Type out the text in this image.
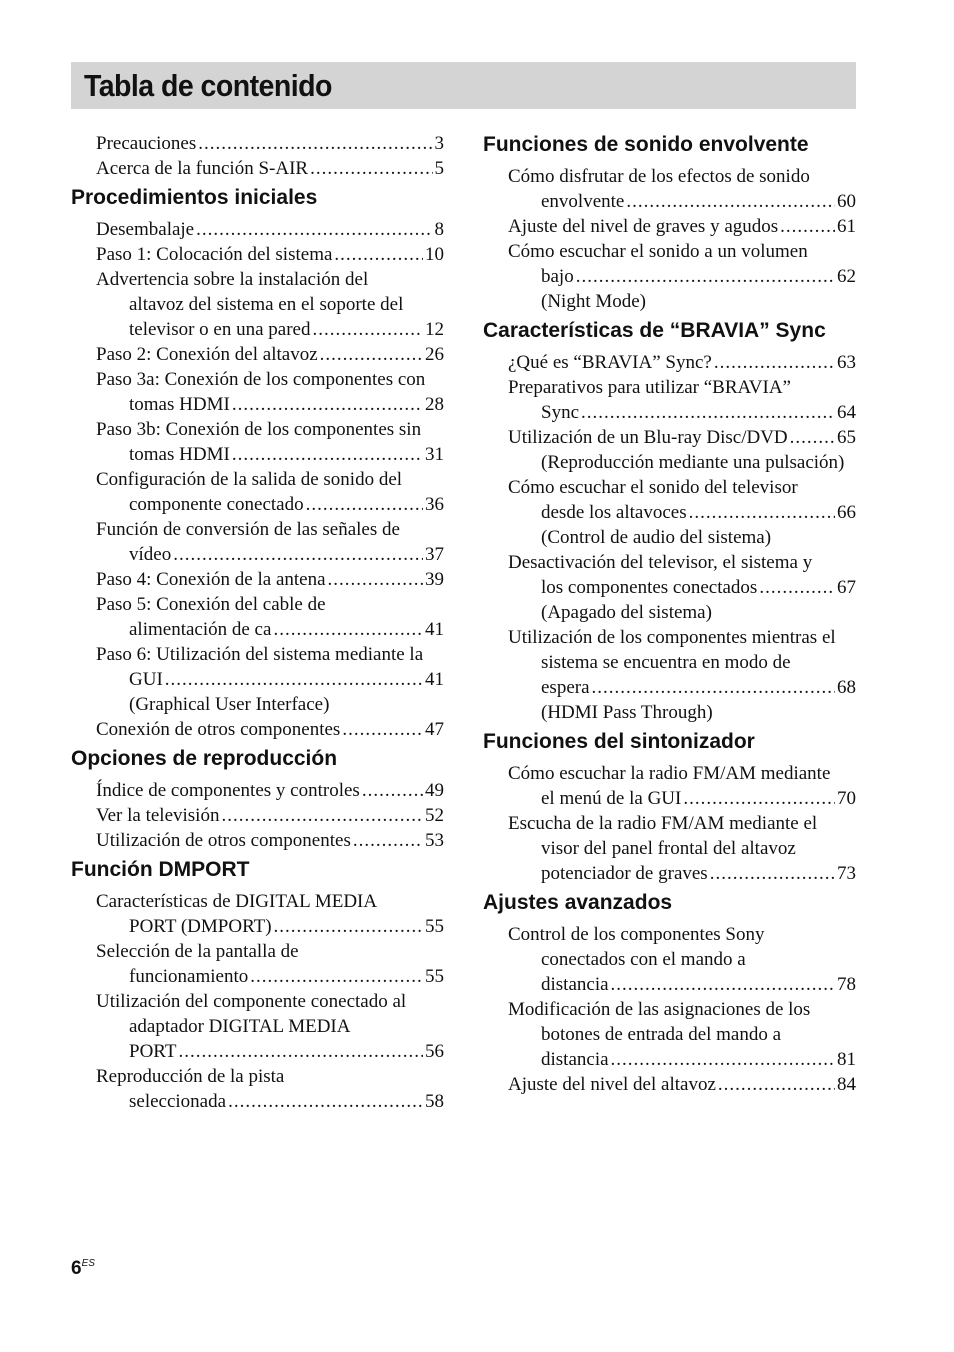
Tabla de contenido
Precauciones .....	3
Acerca de la función S-AIR .....	5
Procedimientos iniciales
Desembalaje .....	8
Paso 1: Colocación del sistema .....	10
Advertencia sobre la instalación del
altavoz del sistema en el soporte del
televisor o en una pared .....	12
Paso 2: Conexión del altavoz .....	26
Paso 3a: Conexión de los componentes con
tomas HDMI .....	28
Paso 3b: Conexión de los componentes sin
tomas HDMI .....	31
Configuración de la salida de sonido del
componente conectado .....	36
Función de conversión de las señales de
vídeo .....	37
Paso 4: Conexión de la antena .....	39
Paso 5: Conexión del cable de
alimentación de ca .....	41
Paso 6: Utilización del sistema mediante la
GUI .....	41
(Graphical User Interface)
Conexión de otros componentes .....	47
Opciones de reproducción
Índice de componentes y controles .....	49
Ver la televisión .....	52
Utilización de otros componentes .....	53
Función DMPORT
Características de DIGITAL MEDIA
PORT (DMPORT) .....	55
Selección de la pantalla de
funcionamiento .....	55
Utilización del componente conectado al
adaptador DIGITAL MEDIA
PORT .....	56
Reproducción de la pista
seleccionada .....	58
Funciones de sonido envolvente
Cómo disfrutar de los efectos de sonido
envolvente .....	60
Ajuste del nivel de graves y agudos .....	61
Cómo escuchar el sonido a un volumen
bajo .....	62
(Night Mode)
Características de “BRAVIA” Sync
¿Qué es “BRAVIA” Sync? .....	63
Preparativos para utilizar “BRAVIA”
Sync .....	64
Utilización de un Blu-ray Disc/DVD .....	65
(Reproducción mediante una pulsación)
Cómo escuchar el sonido del televisor
desde los altavoces .....	66
(Control de audio del sistema)
Desactivación del televisor, el sistema y
los componentes conectados .....	67
(Apagado del sistema)
Utilización de los componentes mientras el
sistema se encuentra en modo de
espera .....	68
(HDMI Pass Through)
Funciones del sintonizador
Cómo escuchar la radio FM/AM mediante
el menú de la GUI .....	70
Escucha de la radio FM/AM mediante el
visor del panel frontal del altavoz
potenciador de graves .....	73
Ajustes avanzados
Control de los componentes Sony
conectados con el mando a
distancia .....	78
Modificación de las asignaciones de los
botones de entrada del mando a
distancia .....	81
Ajuste del nivel del altavoz .....	84
$6^{ES}$
